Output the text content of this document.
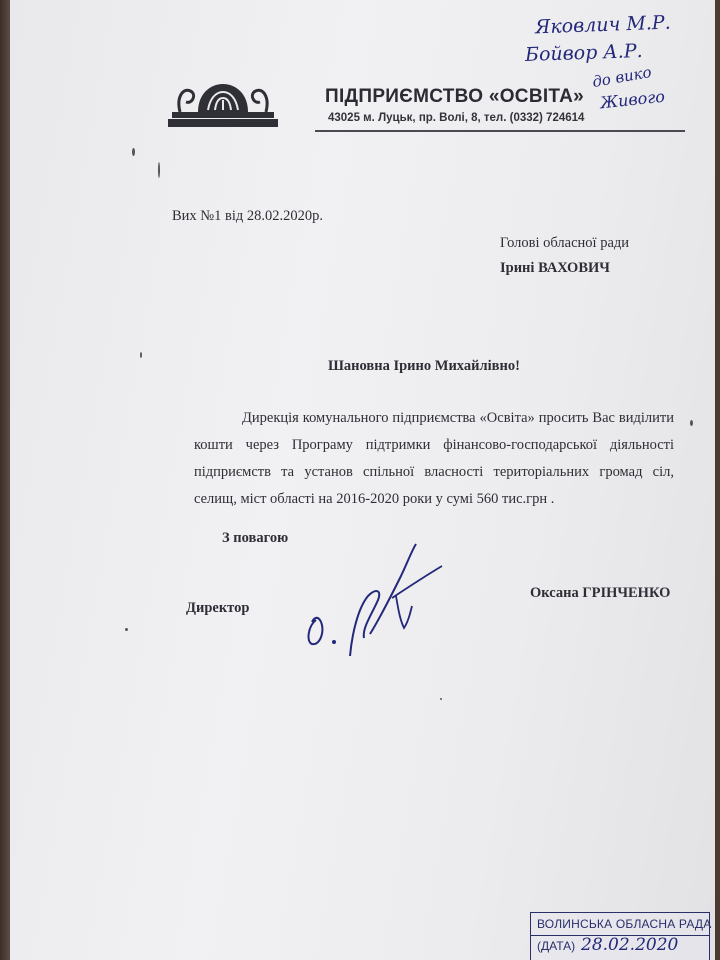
Яковлич М.Р.
Бойвор А.Р.
до вико
Живого
ПІДПРИЄМСТВО «ОСВІТА»
43025 м. Луцьк, пр. Волі, 8, тел. (0332) 724614
Вих №1 від 28.02.2020р.
Голові обласної ради
Ірині ВАХОВИЧ
Шановна Ірино Михайлівно!
Дирекція комунального підприємства «Освіта» просить Вас виділити кошти через Програму підтримки фінансово-господарської діяльності підприємств та установ спільної власності територіальних громад сіл, селищ, міст області на 2016-2020 роки у сумі 560 тис.грн .
З повагою
Директор
Оксана ГРІНЧЕНКО
ВОЛИНСЬКА ОБЛАСНА РАДА
(ДАТА) 28.02.2020
